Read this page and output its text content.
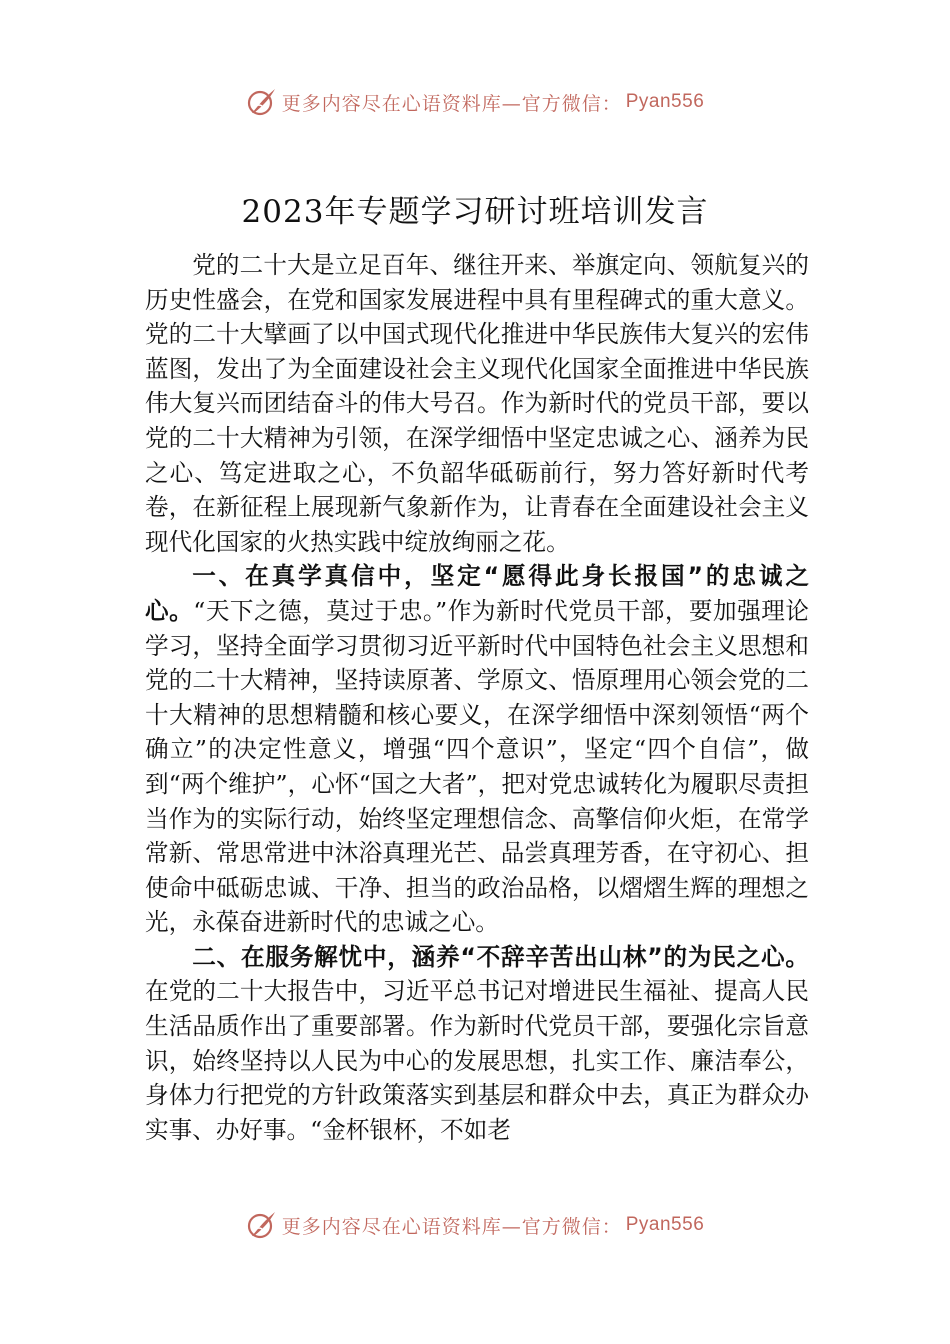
更多内容尽在心语资料库—官方微信： Pyan556
2023年专题学习研讨班培训发言

党的二十大是立足百年、继往开来、举旗定向、领航复兴的历史性盛会，在党和国家发展进程中具有里程碑式的重大意义。党的二十大擘画了以中国式现代化推进中华民族伟大复兴的宏伟蓝图，发出了为全面建设社会主义现代化国家全面推进中华民族伟大复兴而团结奋斗的伟大号召。作为新时代的党员干部，要以党的二十大精神为引领，在深学细悟中坚定忠诚之心、涵养为民之心、笃定进取之心，不负韶华砥砺前行，努力答好新时代考卷，在新征程上展现新气象新作为，让青春在全面建设社会主义现代化国家的火热实践中绽放绚丽之花。

一、在真学真信中，坚定“愿得此身长报国”的忠诚之心。“天下之德，莫过于忠。”作为新时代党员干部，要加强理论学习，坚持全面学习贯彻习近平新时代中国特色社会主义思想和党的二十大精神，坚持读原著、学原文、悟原理用心领会党的二十大精神的思想精髓和核心要义，在深学细悟中深刻领悟“两个确立”的决定性意义，增强“四个意识”，坚定“四个自信”，做到“两个维护”，心怀“国之大者”，把对党忠诚转化为履职尽责担当作为的实际行动，始终坚定理想信念、高擎信仰火炬，在常学常新、常思常进中沐浴真理光芒、品尝真理芳香，在守初心、担使命中砥砺忠诚、干净、担当的政治品格，以熠熠生辉的理想之光，永葆奋进新时代的忠诚之心。

二、在服务解忧中，涵养“不辞辛苦出山林”的为民之心。在党的二十大报告中，习近平总书记对增进民生福祉、提高人民生活品质作出了重要部署。作为新时代党员干部，要强化宗旨意识，始终坚持以人民为中心的发展思想，扎实工作、廉洁奉公，身体力行把党的方针政策落实到基层和群众中去，真正为群众办实事、办好事。“金杯银杯，不如老

更多内容尽在心语资料库—官方微信： Pyan556
